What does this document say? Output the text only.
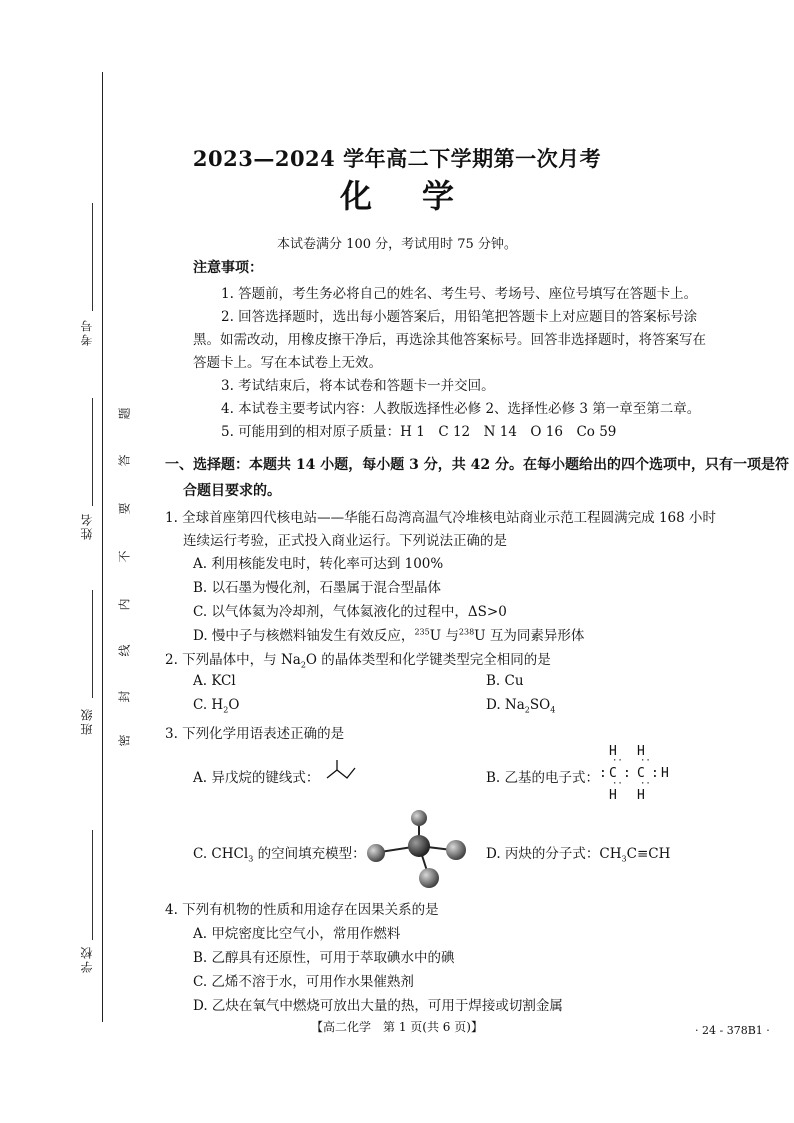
考号
姓名
班级
学校
题
答
要
不
内
线
封
密
2023—2024 学年高二下学期第一次月考
化学
本试卷满分 100 分，考试用时 75 分钟。
注意事项：
1. 答题前，考生务必将自己的姓名、考生号、考场号、座位号填写在答题卡上。
2. 回答选择题时，选出每小题答案后，用铅笔把答题卡上对应题目的答案标号涂
黑。如需改动，用橡皮擦干净后，再选涂其他答案标号。回答非选择题时，将答案写在
答题卡上。写在本试卷上无效。
3. 考试结束后，将本试卷和答题卡一并交回。
4. 本试卷主要考试内容：人教版选择性必修 2、选择性必修 3 第一章至第二章。
5. 可能用到的相对原子质量：H 1　C 12　N 14　O 16　Co 59
一、选择题：本题共 14 小题，每小题 3 分，共 42 分。在每小题给出的四个选项中，只有一项是符
合题目要求的。
1. 全球首座第四代核电站——华能石岛湾高温气冷堆核电站商业示范工程圆满完成 168 小时
连续运行考验，正式投入商业运行。下列说法正确的是
A. 利用核能发电时，转化率可达到 100%
B. 以石墨为慢化剂，石墨属于混合型晶体
C. 以气体氦为冷却剂，气体氦液化的过程中，ΔS>0
D. 慢中子与核燃料铀发生有效反应，$^{235}$U 与$^{238}$U 互为同素异形体
2. 下列晶体中，与 $Na_2O$ 的晶体类型和化学键类型完全相同的是
A. KCl	B. Cu
C. $H_2O$	D. $Na_2SO_4$
3. 下列化学用语表述正确的是
A. 异戊烷的键线式：	B. 乙基的电子式：
H H
: C : C : H
H H
·· ··
·· ··
C. CHCl$_3$ 的空间填充模型：	D. 丙炔的分子式：$CH_3C\equiv CH$
4. 下列有机物的性质和用途存在因果关系的是
A. 甲烷密度比空气小，常用作燃料
B. 乙醇具有还原性，可用于萃取碘水中的碘
C. 乙烯不溶于水，可用作水果催熟剂
D. 乙炔在氧气中燃烧可放出大量的热，可用于焊接或切割金属
【高二化学　第 1 页(共 6 页)】	· 24 - 378B1 ·
